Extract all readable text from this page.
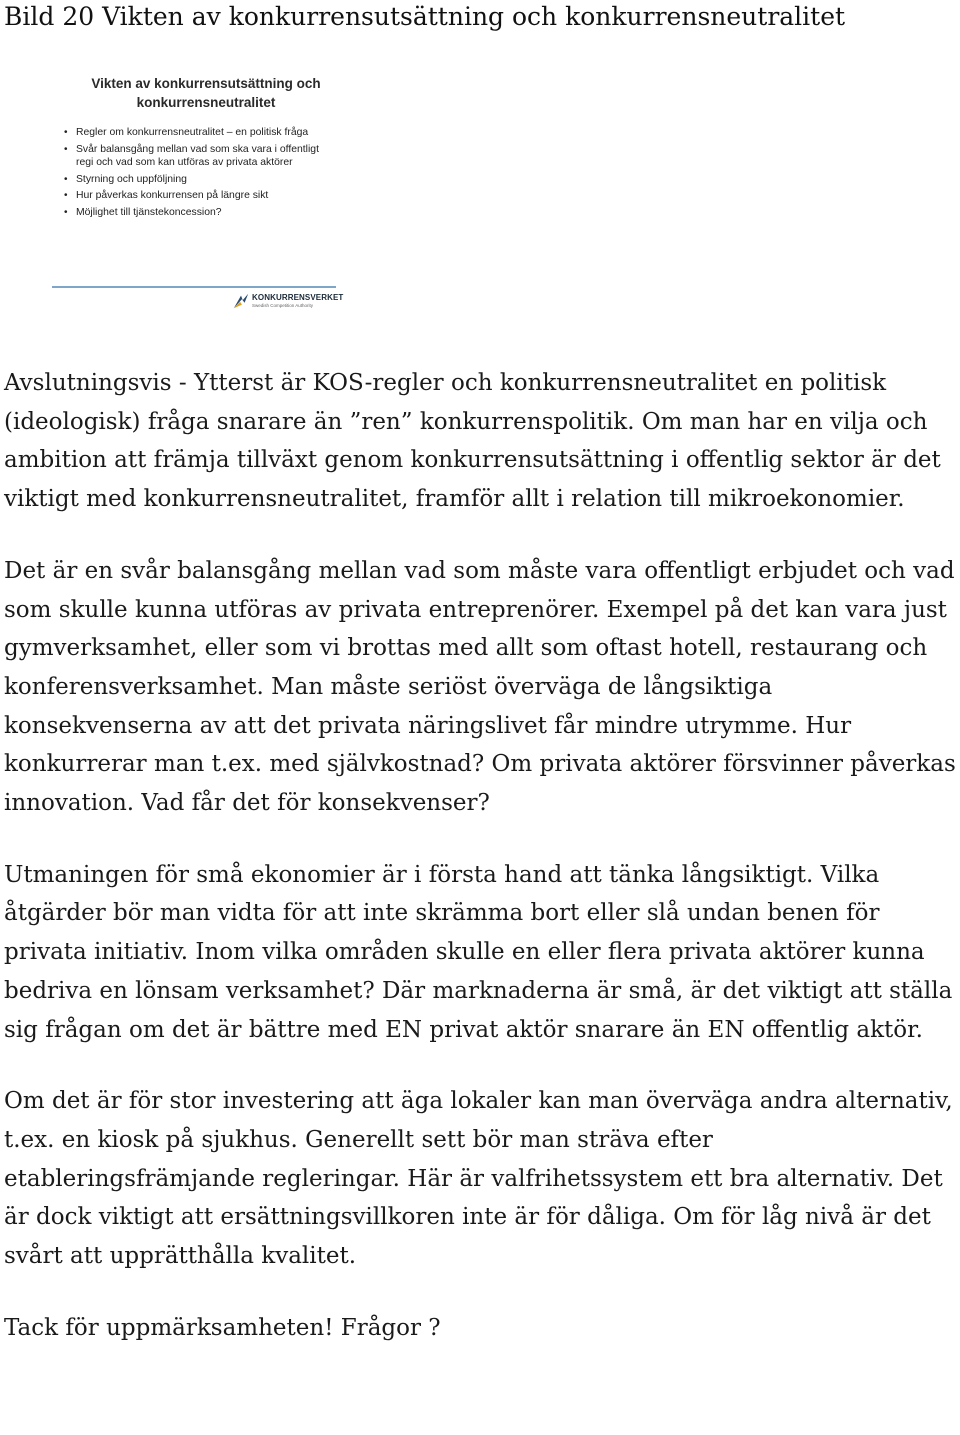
Bild 20 Vikten av konkurrensutsättning och konkurrensneutralitet
Vikten av konkurrensutsättning och konkurrensneutralitet
• Regler om konkurrensneutralitet – en politisk fråga
• Svår balansgång mellan vad som ska vara i offentligt regi och vad som kan utföras av privata aktörer
• Styrning och uppföljning
• Hur påverkas konkurrensen på längre sikt
• Möjlighet till tjänstekoncession?
KONKURRENSVERKET
Swedish Competition Authority

Avslutningsvis - Ytterst är KOS-regler och konkurrensneutralitet en politisk (ideologisk) fråga snarare än ”ren” konkurrenspolitik. Om man har en vilja och ambition att främja tillväxt genom konkurrensutsättning i offentlig sektor är det viktigt med konkurrensneutralitet, framför allt i relation till mikroekonomier.

Det är en svår balansgång mellan vad som måste vara offentligt erbjudet och vad som skulle kunna utföras av privata entreprenörer. Exempel på det kan vara just gymverksamhet, eller som vi brottas med allt som oftast hotell, restaurang och konferensverksamhet. Man måste seriöst överväga de långsiktiga konsekvenserna av att det privata näringslivet får mindre utrymme. Hur konkurrerar man t.ex. med självkostnad? Om privata aktörer försvinner påverkas innovation. Vad får det för konsekvenser?

Utmaningen för små ekonomier är i första hand att tänka långsiktigt. Vilka åtgärder bör man vidta för att inte skrämma bort eller slå undan benen för privata initiativ. Inom vilka områden skulle en eller flera privata aktörer kunna bedriva en lönsam verksamhet? Där marknaderna är små, är det viktigt att ställa sig frågan om det är bättre med EN privat aktör snarare än EN offentlig aktör.

Om det är för stor investering att äga lokaler kan man överväga andra alternativ, t.ex. en kiosk på sjukhus. Generellt sett bör man sträva efter etableringsfrämjande regleringar. Här är valfrihetssystem ett bra alternativ. Det är dock viktigt att ersättningsvillkoren inte är för dåliga. Om för låg nivå är det svårt att upprätthålla kvalitet.

Tack för uppmärksamheten! Frågor ?
